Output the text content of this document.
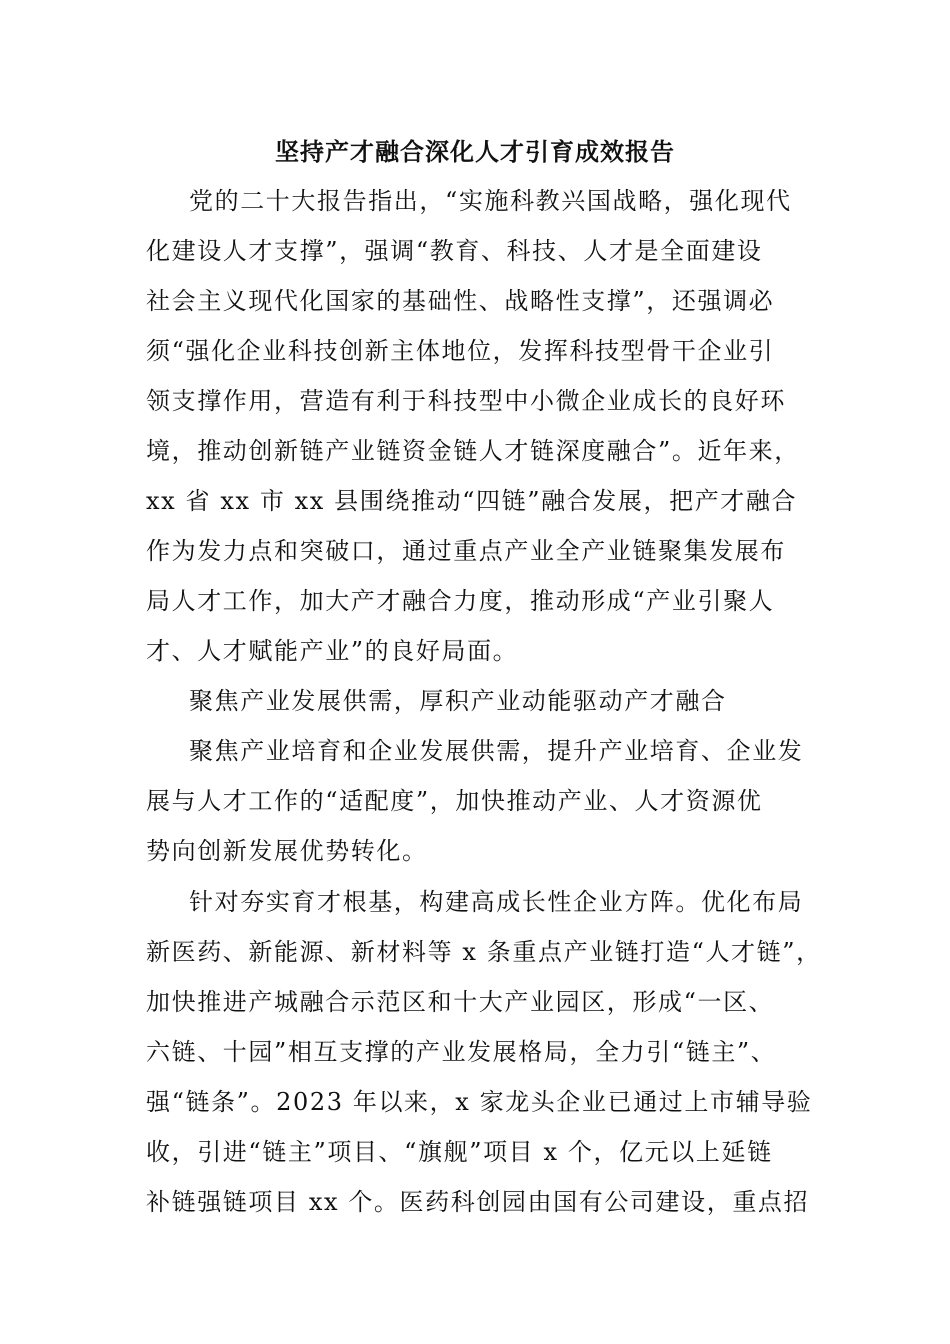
坚持产才融合深化人才引育成效报告
党的二十大报告指出，“实施科教兴国战略，强化现代
化建设人才支撑”，强调“教育、科技、人才是全面建设
社会主义现代化国家的基础性、战略性支撑”，还强调必
须“强化企业科技创新主体地位，发挥科技型骨干企业引
领支撑作用，营造有利于科技型中小微企业成长的良好环
境，推动创新链产业链资金链人才链深度融合”。近年来，
xx 省 xx 市 xx 县围绕推动“四链”融合发展，把产才融合
作为发力点和突破口，通过重点产业全产业链聚集发展布
局人才工作，加大产才融合力度，推动形成“产业引聚人
才、人才赋能产业”的良好局面。
聚焦产业发展供需，厚积产业动能驱动产才融合
聚焦产业培育和企业发展供需，提升产业培育、企业发
展与人才工作的“适配度”，加快推动产业、人才资源优
势向创新发展优势转化。
针对夯实育才根基，构建高成长性企业方阵。优化布局
新医药、新能源、新材料等 x 条重点产业链打造“人才链”，
加快推进产城融合示范区和十大产业园区，形成“一区、
六链、十园”相互支撑的产业发展格局，全力引“链主”、
强“链条”。2023 年以来，x 家龙头企业已通过上市辅导验
收，引进“链主”项目、“旗舰”项目 x 个，亿元以上延链
补链强链项目 xx 个。医药科创园由国有公司建设，重点招
